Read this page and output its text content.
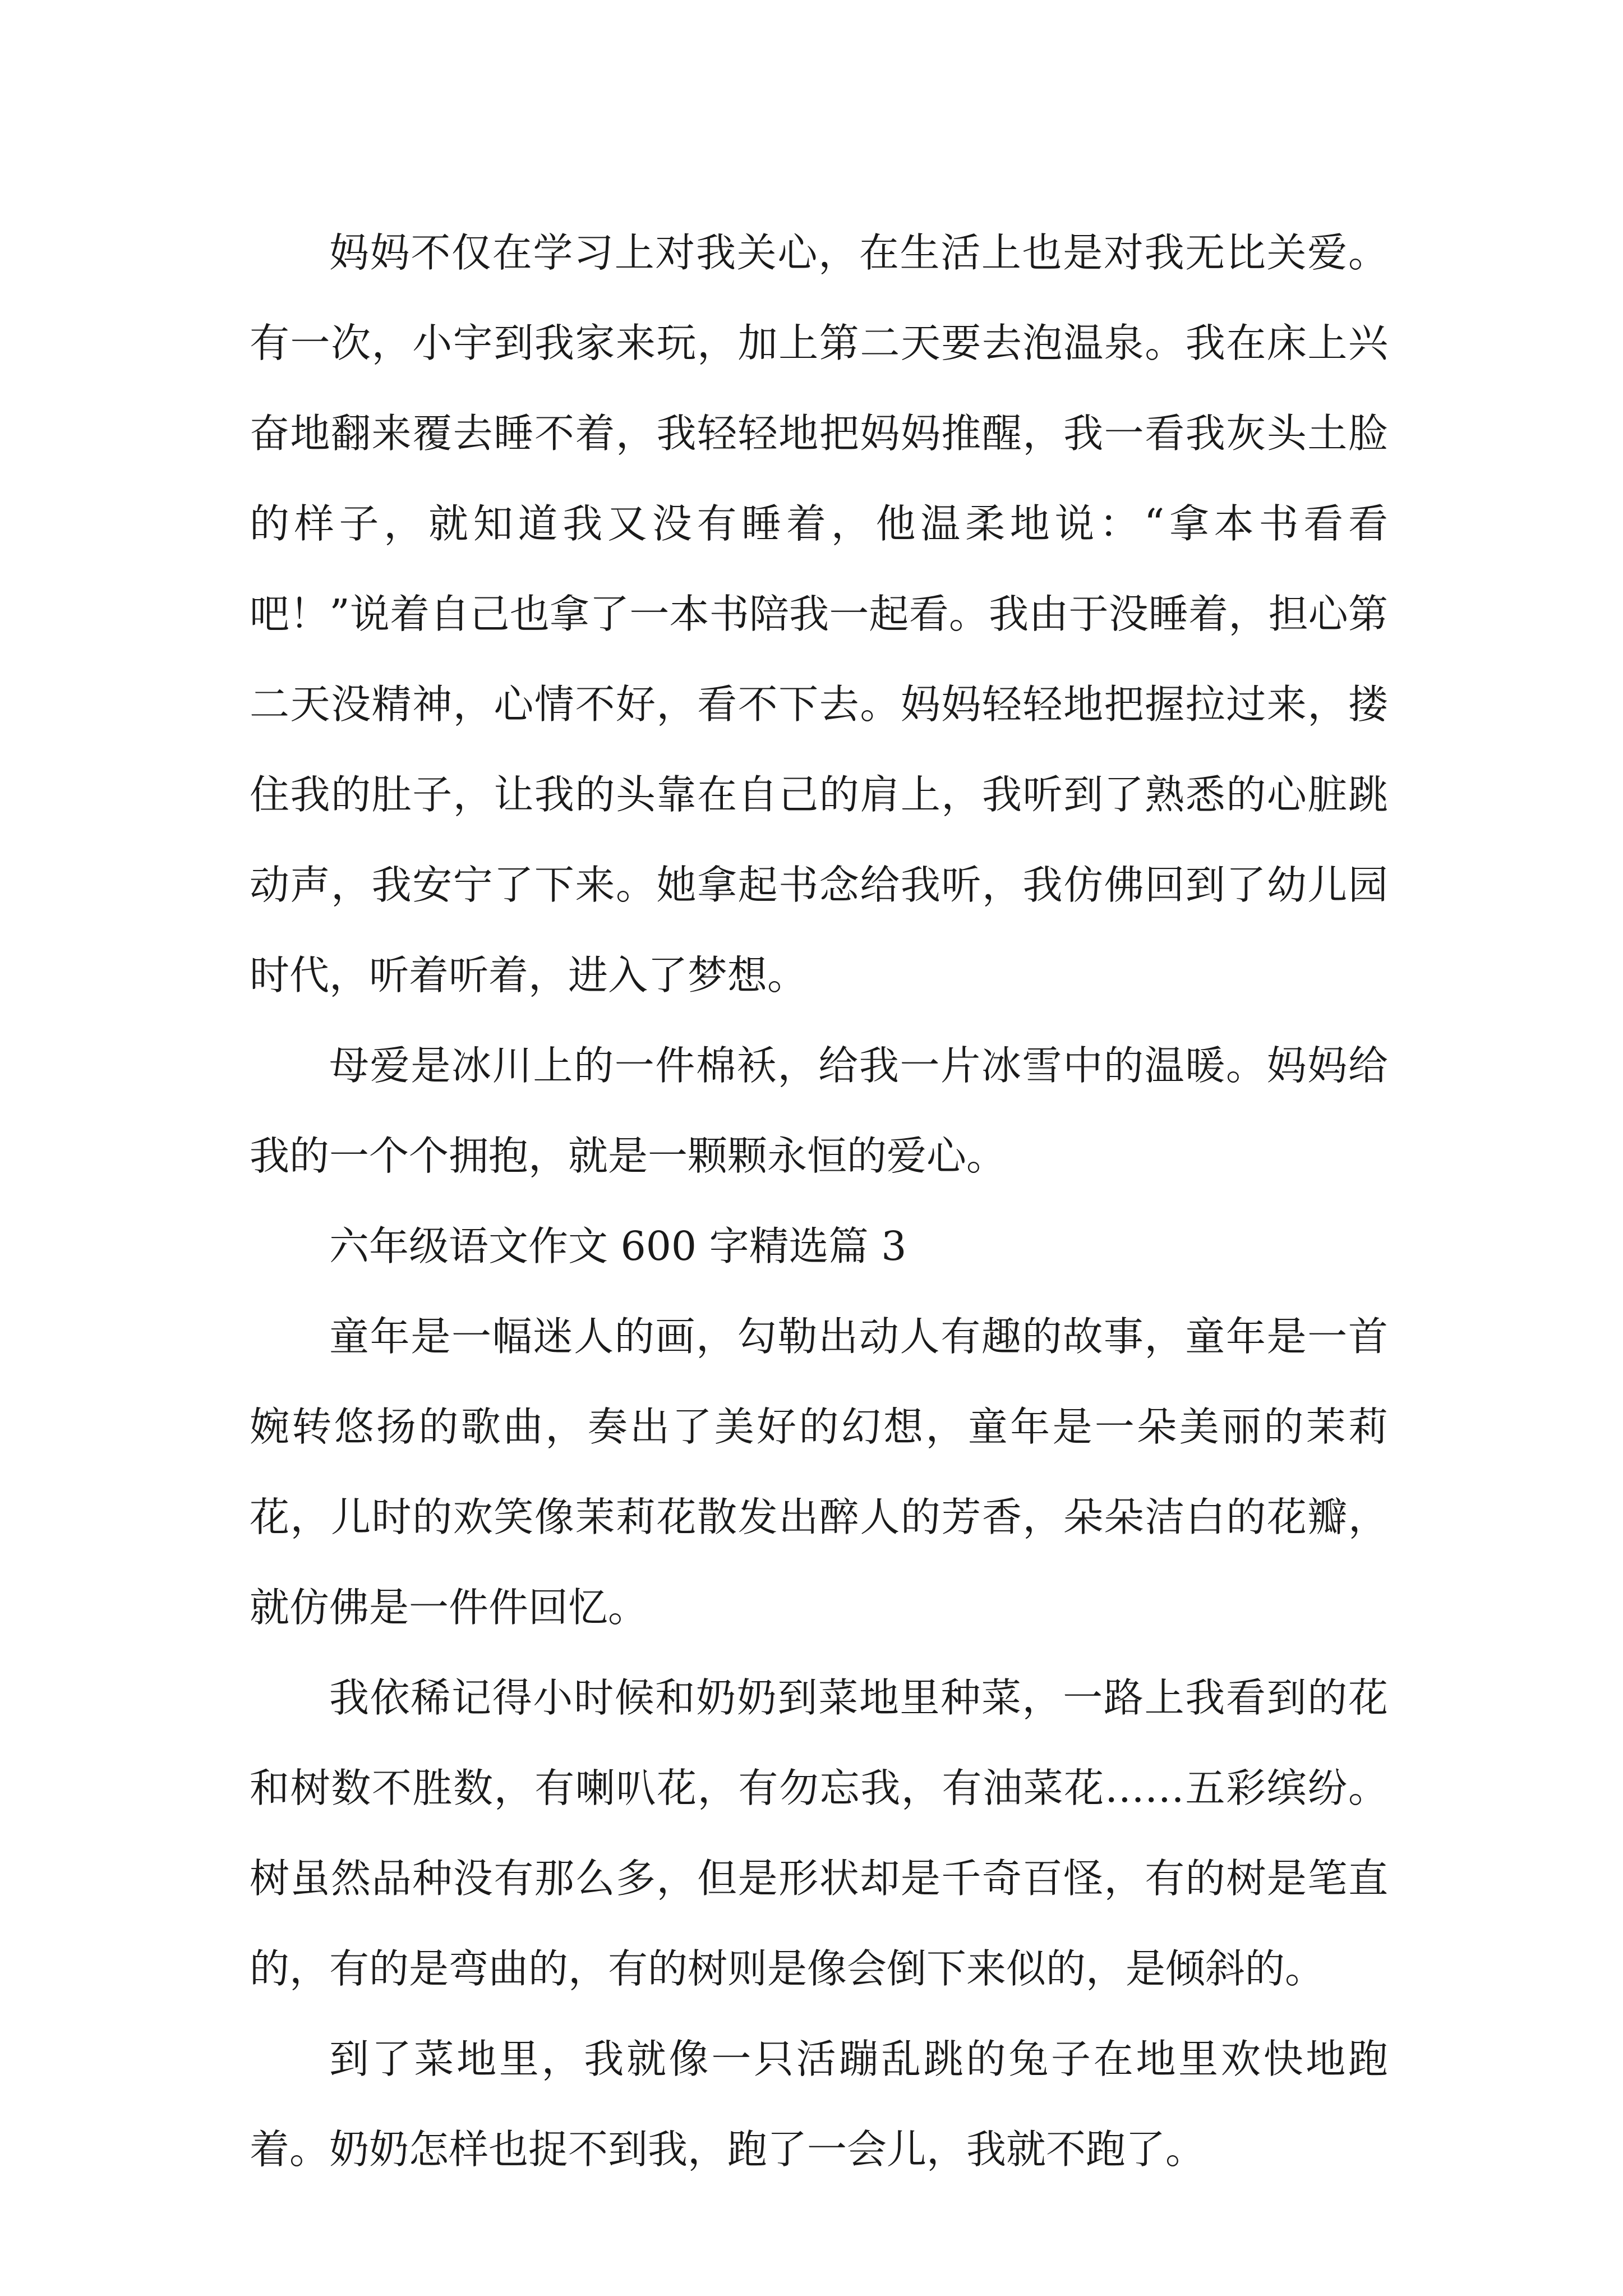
妈妈不仅在学习上对我关心，在生活上也是对我无比关爱。有一次，小宇到我家来玩，加上第二天要去泡温泉。我在床上兴奋地翻来覆去睡不着，我轻轻地把妈妈推醒，我一看我灰头土脸的样子，就知道我又没有睡着，他温柔地说：“拿本书看看吧！”说着自己也拿了一本书陪我一起看。我由于没睡着，担心第二天没精神，心情不好，看不下去。妈妈轻轻地把握拉过来，搂住我的肚子，让我的头靠在自己的肩上，我听到了熟悉的心脏跳动声，我安宁了下来。她拿起书念给我听，我仿佛回到了幼儿园时代，听着听着，进入了梦想。

母爱是冰川上的一件棉袄，给我一片冰雪中的温暖。妈妈给我的一个个拥抱，就是一颗颗永恒的爱心。

六年级语文作文 600 字精选篇 3

童年是一幅迷人的画，勾勒出动人有趣的故事，童年是一首婉转悠扬的歌曲，奏出了美好的幻想，童年是一朵美丽的茉莉花，儿时的欢笑像茉莉花散发出醉人的芳香，朵朵洁白的花瓣，就仿佛是一件件回忆。

我依稀记得小时候和奶奶到菜地里种菜，一路上我看到的花和树数不胜数，有喇叭花，有勿忘我，有油菜花……五彩缤纷。树虽然品种没有那么多，但是形状却是千奇百怪，有的树是笔直的，有的是弯曲的，有的树则是像会倒下来似的，是倾斜的。

到了菜地里，我就像一只活蹦乱跳的兔子在地里欢快地跑着。奶奶怎样也捉不到我，跑了一会儿，我就不跑了。
